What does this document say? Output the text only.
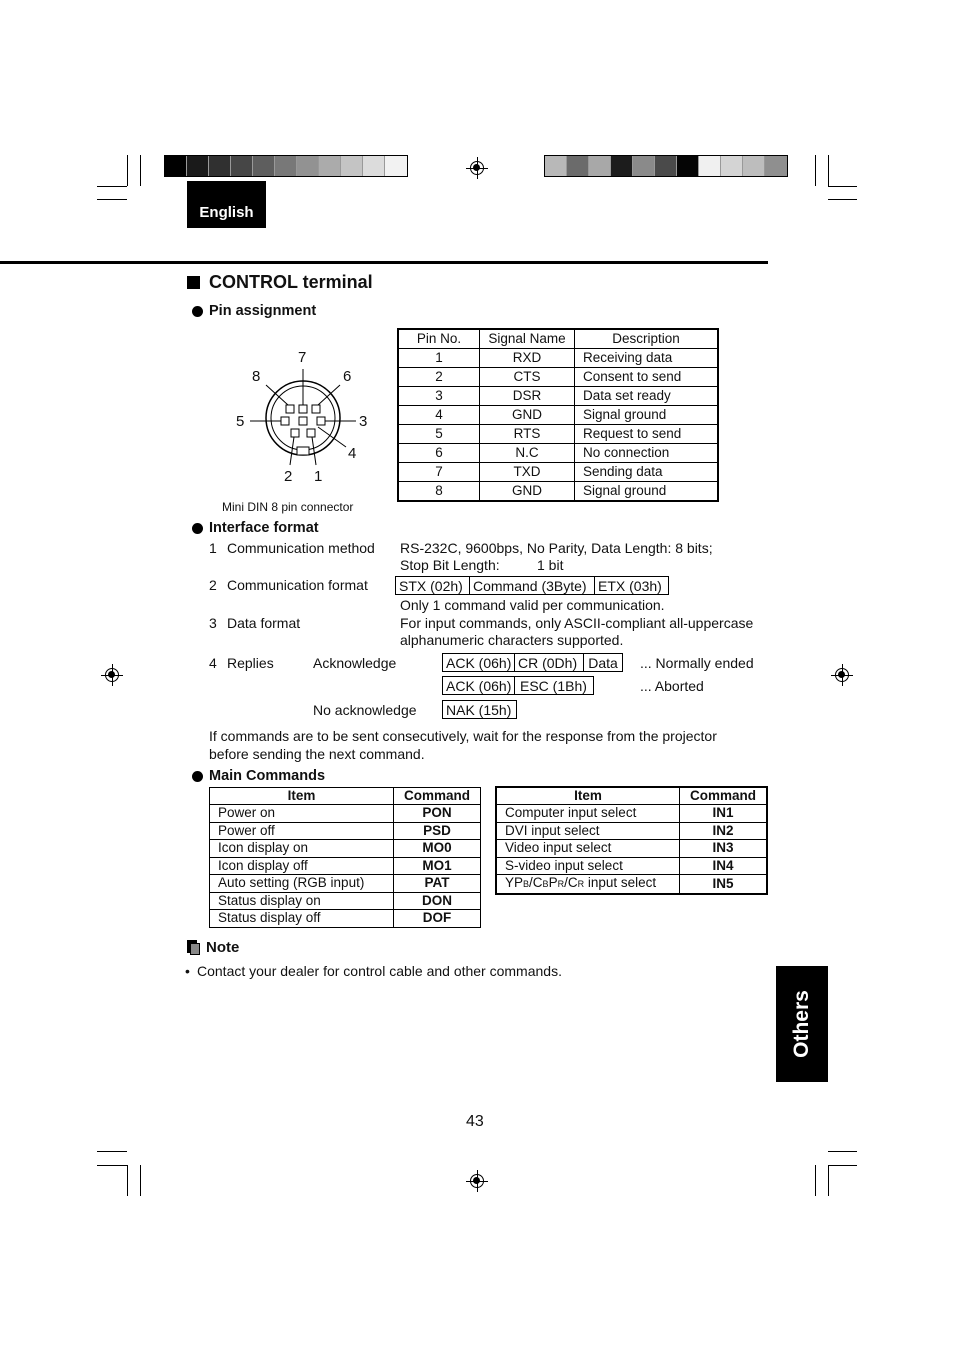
English
CONTROL terminal
Pin assignment
7
8	6
5	3
4
2 1
Mini DIN 8 pin connector
Pin No.	Signal Name	Description
1	RXD	Receiving data
2	CTS	Consent to send
3	DSR	Data set ready
4	GND	Signal ground
5	RTS	Request to send
6	N.C	No connection
7	TXD	Sending data
8	GND	Signal ground
Interface format
1 Communication method RS-232C, 9600bps, No Parity, Data Length: 8 bits;
Stop Bit Length:	1 bit
2 Communication format STX (02h) Command (3Byte) ETX (03h)
Only 1 command valid per communication.
3 Data format	For input commands, only ASCII-compliant all-uppercase
alphanumeric characters supported.
4 Replies	Acknowledge	ACK (06h) CR (0Dh) Data	... Normally ended
ACK (06h) ESC (1Bh)	... Aborted
No acknowledge NAK (15h)
If commands are to be sent consecutively, wait for the response from the projector
before sending the next command.
Main Commands
Item	Command
Power on	PON
Power off	PSD
Icon display on	MO0
Icon display off	MO1
Auto setting (RGB input)	PAT
Status display on	DON
Status display off	DOF
Item	Command
Computer input select	IN1
DVI input select	IN2
Video input select	IN3
S-video input select	IN4
YPB/CBPR/CR input select	IN5
Note
• Contact your dealer for control cable and other commands.
Others
43
